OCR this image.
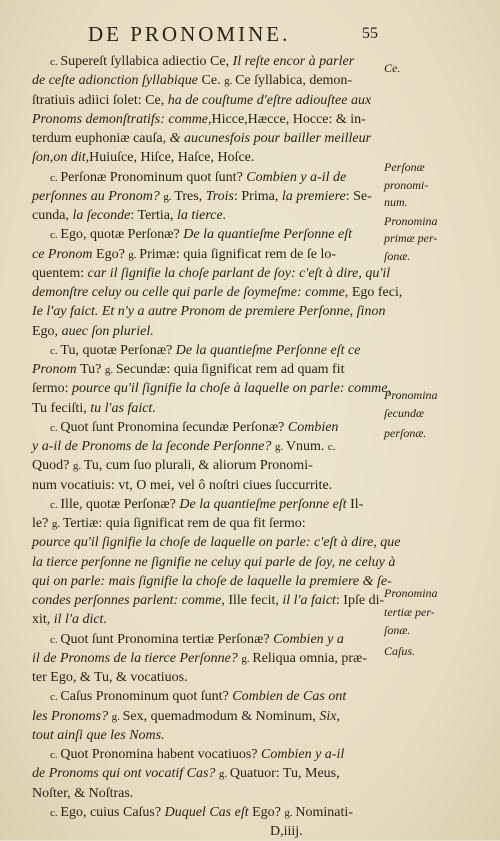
DE PRONOMINE.	55
c. Supereſt ſyllabica adiectio Ce, Il reſte encor à parler
de ceſte adionction ſyllabique Ce. g. Ce ſyllabica, demon-
ſtratiuis adiici ſolet: Ce, ha de couſtume d'eſtre adiouſtee aux
Pronoms demonſtratifs: comme,Hicce,Hæcce, Hocce: & in-
terdum euphoniæ cauſa, & aucunesfois pour bailler meilleur
ſon,on dit,Huiuſce, Hiſce, Haſce, Hoſce.
c. Perſonæ Pronominum quot ſunt? Combien y a-il de
perſonnes au Pronom? g. Tres, Trois: Prima, la premiere: Se-
cunda, la ſeconde: Tertia, la tierce.
c. Ego, quotæ Perſonæ? De la quantieſme Perſonne eſt
ce Pronom Ego? g. Primæ: quia ſignificat rem de ſe lo-
quentem: car il ſignifie la choſe parlant de ſoy: c'eſt à dire, qu'il
demonſtre celuy ou celle qui parle de ſoymeſme: comme, Ego feci,
Ie l'ay faict. Et n'y a autre Pronom de premiere Perſonne, ſinon
Ego, auec ſon pluriel.
c. Tu, quotæ Perſonæ? De la quantieſme Perſonne eſt ce
Pronom Tu? g. Secundæ: quia ſignificat rem ad quam fit
ſermo: pource qu'il ſignifie la choſe à laquelle on parle: comme,
Tu feciſti, tu l'as faict.
c. Quot ſunt Pronomina ſecundæ Perſonæ? Combien
y a-il de Pronoms de la ſeconde Perſonne? g. Vnum. c.
Quod? g. Tu, cum ſuo plurali, & aliorum Pronomi-
num vocatiuis: vt, O mei, vel ô noſtri ciues ſuccurrite.
c. Ille, quotæ Perſonæ? De la quantieſme perſonne eſt Il-
le? g. Tertiæ: quia ſignificat rem de qua fit ſermo:
pource qu'il ſignifie la choſe de laquelle on parle: c'eſt à dire, que
la tierce perſonne ne ſignifie ne celuy qui parle de ſoy, ne celuy à
qui on parle: mais ſignifie la choſe de laquelle la premiere & ſe-
condes perſonnes parlent: comme, Ille fecit, il l'a faict: Ipſe di-
xit, il l'a dict.
c. Quot ſunt Pronomina tertiæ Perſonæ? Combien y a
il de Pronoms de la tierce Perſonne? g. Reliqua omnia, præ-
ter Ego, & Tu, & vocatiuos.
c. Caſus Pronominum quot ſunt? Combien de Cas ont
les Pronoms? g. Sex, quemadmodum & Nominum, Six,
tout ainſi que les Noms.
c. Quot Pronomina habent vocatiuos? Combien y a-il
de Pronoms qui ont vocatif Cas? g. Quatuor: Tu, Meus,
Noſter, & Noſtras.
c. Ego, cuius Caſus? Duquel Cas eſt Ego? g. Nominati-
D,iiij.
Ce.
Perſonæ
pronomi-
num.
Pronomina
primæ per-
ſonæ.
Pronomina
ſecundæ
perſonæ.
Pronomina
tertiæ per-
ſonæ.
Caſus.
